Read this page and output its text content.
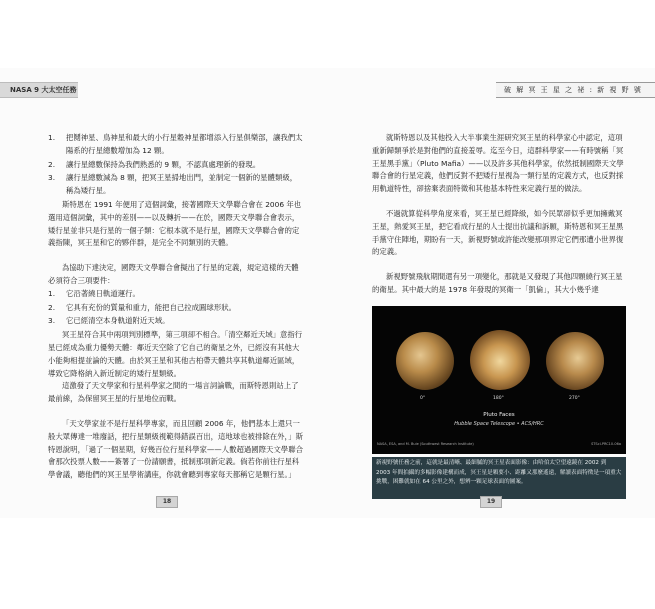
NASA 9 大太空任務	破 解 冥 王 星 之 祕 : 新 視 野 號
1. 把鬩神星、鳥神星和最大的小行星穀神星都增添入行星俱樂部，讓我們太陽系的行星總數增加為 12 顆。
2. 讓行星總數保持為我們熟悉的 9 顆，不認真處理新的發現。
3. 讓行星總數減為 8 顆，把冥王星掃地出門，並制定一個新的星體類級，稱為矮行星。

斯特恩在 1991 年便用了這個詞彙，接著國際天文學聯合會在 2006 年也選用這個詞彙，其中的差別——以及轉折——在於，國際天文學聯合會表示，矮行星並非只是行星的一個子類：它根本就不是行星，國際天文學聯合會的定義指陳，冥王星和它的夥伴群，是完全不同類別的天體。

為協助下達決定，國際天文學聯合會擬出了行星的定義，規定這樣的天體必須符合三項要件：

1. 它沿著繞日軌道運行。
2. 它具有充份的質量和重力，能把自己拉成圓球形狀。
3. 它已經清空本身軌道附近天域。

冥王星符合其中兩項判別標準，第三項卻不相合。「清空鄰近天域」意指行星已經成為重力優勢天體：鄰近天空除了它自己的衛星之外，已經沒有其他大小能夠相提並論的天體。由於冥王星和其他古柏帶天體共享其軌道鄰近區域，導致它降格納入新近制定的矮行星類級。

這激發了天文學家和行星科學家之間的一場言詞論戰，而斯特恩則站上了最前線，為保留冥王星的行星地位而戰。

「天文學家並不是行星科學專家，而且回顧 2006 年，他們基本上還只一般大眾傳達一堆廢話，把行星類級視範得錯誤百出，這地球也被排除在外，」斯特恩說明，「過了一個星期，好幾百位行星科學家——人數超過國際天文學聯合會那次投票人數——簽署了一份請願書，抵制那項新定義。倘若你前往行星科學會議，聽他們的冥王星學術講座，你就會聽到專家每天都稱它是顆行星。」

就斯特恩以及其他投入大半事業生涯研究冥王星的科學家心中認定，這項重新歸類爭於是對他們的直接羞辱。迄至今日，這群科學家——有時號稱「冥王星黑手黨」（Pluto Mafia）——以及許多其他科學家，依然抵制國際天文學聯合會的行星定義，他們反對不把矮行星視為一類行星的定義方式，也反對採用軌道特性，卻捨棄表面特徵和其他基本特性來定義行星的做法。

不過就算從科學角度來看，冥王星已經降級，如今民眾卻似乎更加擁戴冥王星，熱愛冥王星，把它看成行星的人士提出抗議和訴願，斯特恩和冥王星黑手黨守住陣地，期盼有一天，新視野號或許能改變那項界定它們那遭小世界復的定義。

新視野號飛航期間還有另一項變化，那就是又發現了其他四顆繞行冥王星的衛星。其中最大的是 1978 年發現的冥衛一「凱倫」，其大小幾乎達

0°	180°	270°
Pluto Faces
Hubble Space Telescope • ACS/HRC
NASA, ESA, and M. Buie (Southwest Research Institute)	STScI-PRC10-06a
新視野號任務之前，這就是最清晰、最細膩的冥王星表面影像：由哈伯太空望遠鏡在 2002 到 2003 年間拍攝的多幅影像建構而成，冥王星是顆要小、距離又那麼遙遠，解讀表面特徵是一項重大挑戰，困難就如在 64 公里之外，想辨一顆足球表面的圖案。
18	19
